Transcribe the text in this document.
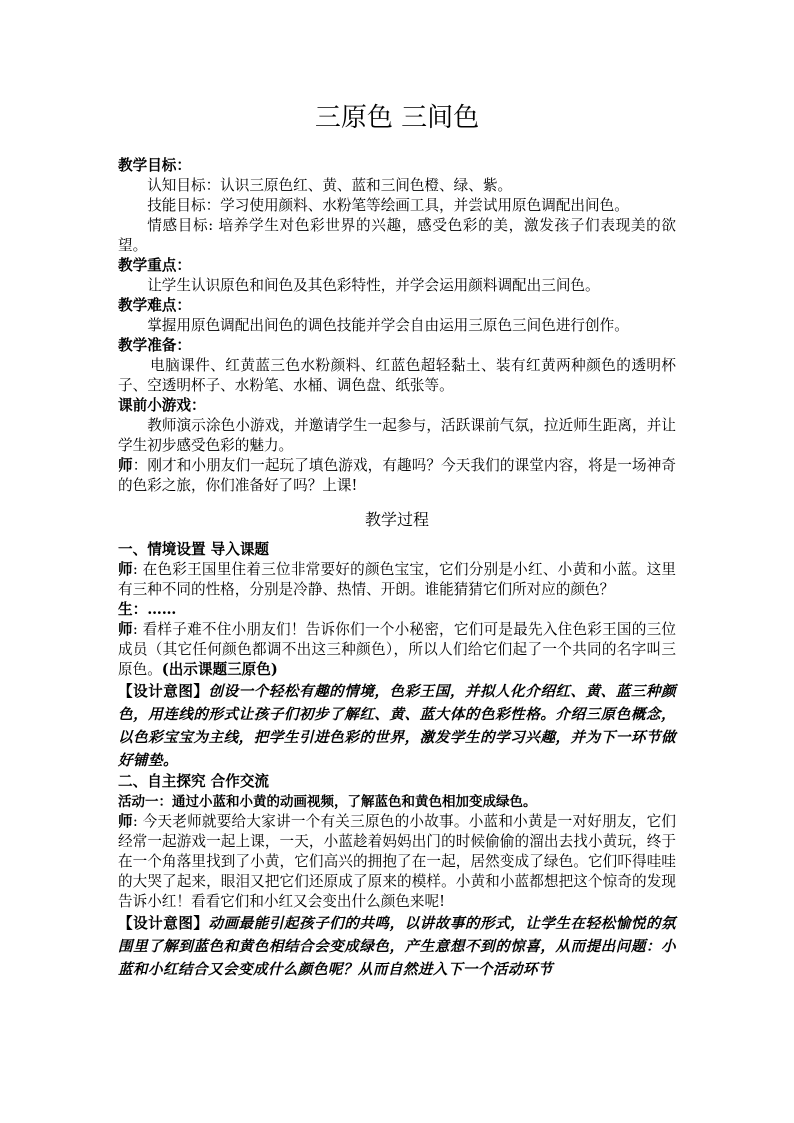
三原色 三间色
教学目标：

认知目标：认识三原色红、黄、蓝和三间色橙、绿、紫。

技能目标：学习使用颜料、水粉笔等绘画工具，并尝试用原色调配出间色。

情感目标: 培养学生对色彩世界的兴趣，感受色彩的美，激发孩子们表现美的欲望。

教学重点：

让学生认识原色和间色及其色彩特性，并学会运用颜料调配出三间色。

教学难点：

掌握用原色调配出间色的调色技能并学会自由运用三原色三间色进行创作。

教学准备：

电脑课件、红黄蓝三色水粉颜料、红蓝色超轻黏土、装有红黄两种颜色的透明杯子、空透明杯子、水粉笔、水桶、调色盘、纸张等。

课前小游戏：

教师演示涂色小游戏，并邀请学生一起参与，活跃课前气氛，拉近师生距离，并让学生初步感受色彩的魅力。

师：刚才和小朋友们一起玩了填色游戏，有趣吗？今天我们的课堂内容，将是一场神奇的色彩之旅，你们准备好了吗？上课!

教学过程
一、情境设置 导入课题

师: 在色彩王国里住着三位非常要好的颜色宝宝，它们分别是小红、小黄和小蓝。这里有三种不同的性格，分别是冷静、热情、开朗。谁能猜猜它们所对应的颜色？

生：……

师: 看样子难不住小朋友们！告诉你们一个小秘密，它们可是最先入住色彩王国的三位成员（其它任何颜色都调不出这三种颜色），所以人们给它们起了一个共同的名字叫三原色。(出示课题三原色)

【设计意图】创设一个轻松有趣的情境，色彩王国，并拟人化介绍红、黄、蓝三种颜色，用连线的形式让孩子们初步了解红、黄、蓝大体的色彩性格。介绍三原色概念，以色彩宝宝为主线，把学生引进色彩的世界，激发学生的学习兴趣，并为下一环节做好铺垫。

二、自主探究 合作交流

活动一：通过小蓝和小黄的动画视频，了解蓝色和黄色相加变成绿色。

师: 今天老师就要给大家讲一个有关三原色的小故事。小蓝和小黄是一对好朋友，它们经常一起游戏一起上课，一天，小蓝趁着妈妈出门的时候偷偷的溜出去找小黄玩，终于在一个角落里找到了小黄，它们高兴的拥抱了在一起，居然变成了绿色。它们吓得哇哇的大哭了起来，眼泪又把它们还原成了原来的模样。小黄和小蓝都想把这个惊奇的发现告诉小红！看看它们和小红又会变出什么颜色来呢!

【设计意图】动画最能引起孩子们的共鸣，以讲故事的形式，让学生在轻松愉悦的氛围里了解到蓝色和黄色相结合会变成绿色，产生意想不到的惊喜，从而提出问题：小蓝和小红结合又会变成什么颜色呢？从而自然进入下一个活动环节
